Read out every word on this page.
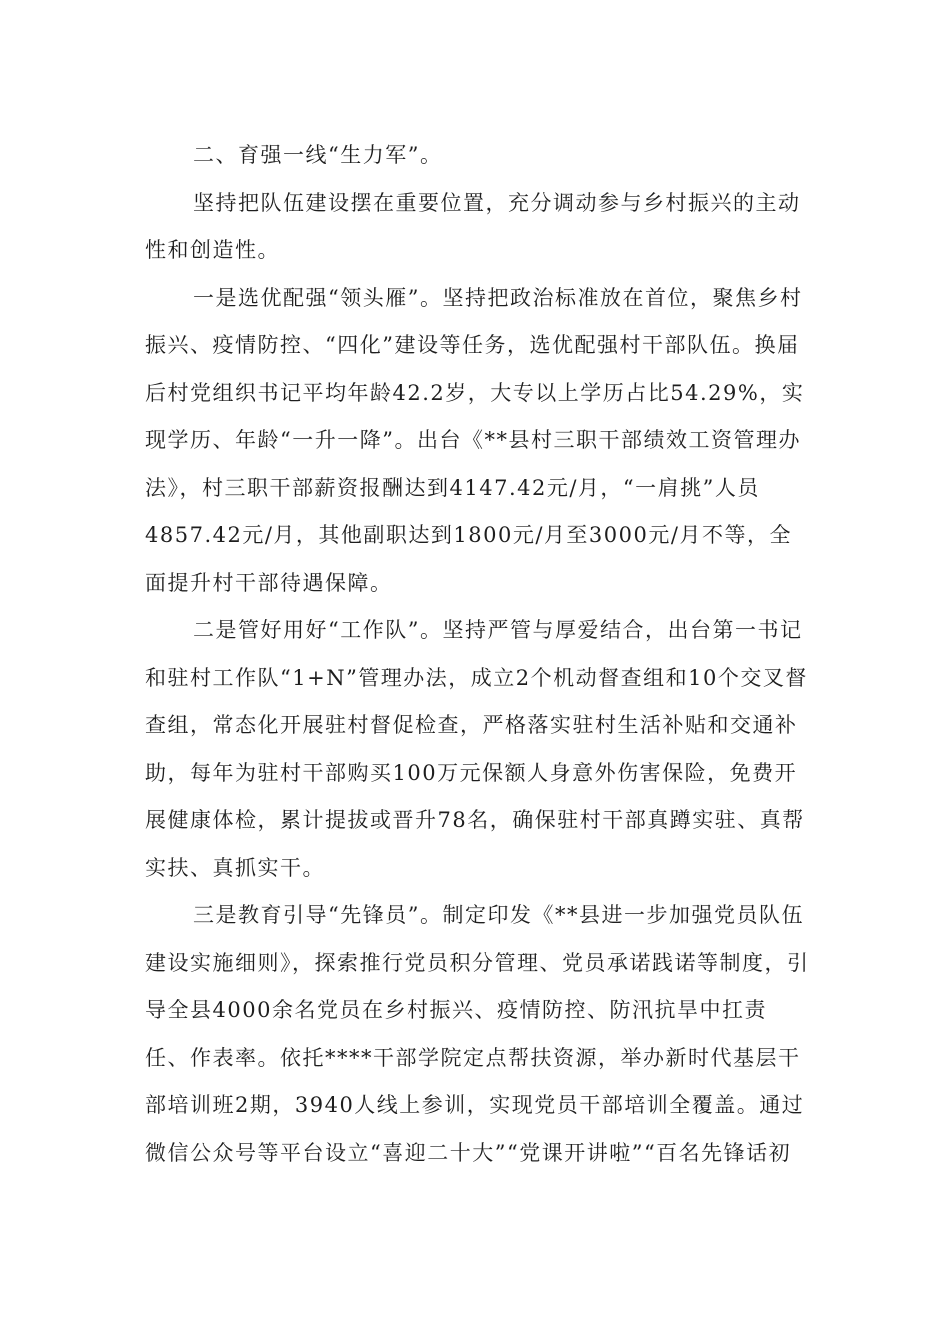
二、育强一线“生力军”。

坚持把队伍建设摆在重要位置，充分调动参与乡村振兴的主动性和创造性。

一是选优配强“领头雁”。坚持把政治标准放在首位，聚焦乡村振兴、疫情防控、“四化”建设等任务，选优配强村干部队伍。换届后村党组织书记平均年龄42.2岁，大专以上学历占比54.29%，实现学历、年龄“一升一降”。出台《**县村三职干部绩效工资管理办法》，村三职干部薪资报酬达到4147.42元/月，“一肩挑”人员4857.42元/月，其他副职达到1800元/月至3000元/月不等，全面提升村干部待遇保障。

二是管好用好“工作队”。坚持严管与厚爱结合，出台第一书记和驻村工作队“1+N”管理办法，成立2个机动督查组和10个交叉督查组，常态化开展驻村督促检查，严格落实驻村生活补贴和交通补助，每年为驻村干部购买100万元保额人身意外伤害保险，免费开展健康体检，累计提拔或晋升78名，确保驻村干部真蹲实驻、真帮实扶、真抓实干。

三是教育引导“先锋员”。制定印发《**县进一步加强党员队伍建设实施细则》，探索推行党员积分管理、党员承诺践诺等制度，引导全县4000余名党员在乡村振兴、疫情防控、防汛抗旱中扛责任、作表率。依托****干部学院定点帮扶资源，举办新时代基层干部培训班2期，3940人线上参训，实现党员干部培训全覆盖。通过微信公众号等平台设立“喜迎二十大”“党课开讲啦”“百名先锋话初
